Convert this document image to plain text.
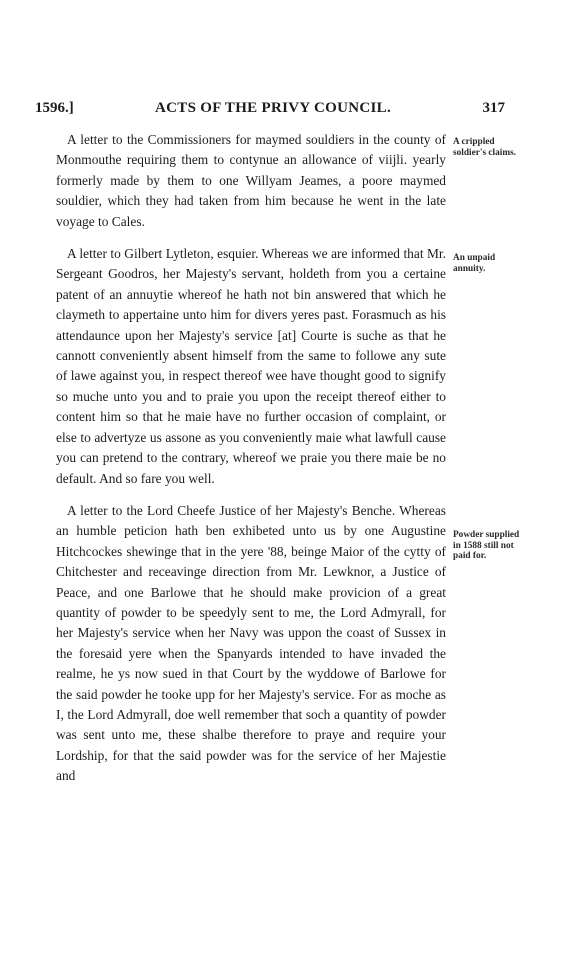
1596.]	ACTS OF THE PRIVY COUNCIL.	317

A letter to the Commissioners for maymed souldiers in the county of Monmouthe requiring them to contynue an allowance of viijli. yearly formerly made by them to one Willyam Jeames, a poore maymed souldier, which they had taken from him because he went in the late voyage to Cales.

A letter to Gilbert Lytleton, esquier. Whereas we are informed that Mr. Sergeant Goodros, her Majesty's servant, holdeth from you a certaine patent of an annuytie whereof he hath not bin answered that which he claymeth to appertaine unto him for divers yeres past. Forasmuch as his attendaunce upon her Majesty's service [at] Courte is suche as that he cannott conveniently absent himself from the same to followe any sute of lawe against you, in respect thereof wee have thought good to signify so muche unto you and to praie you upon the receipt thereof either to content him so that he maie have no further occasion of complaint, or else to advertyze us assone as you conveniently maie what lawfull cause you can pretend to the contrary, whereof we praie you there maie be no default. And so fare you well.

A letter to the Lord Cheefe Justice of her Majesty's Benche. Whereas an humble peticion hath ben exhibeted unto us by one Augustine Hitchcockes shewinge that in the yere '88, beinge Maior of the cytty of Chitchester and receavinge direction from Mr. Lewknor, a Justice of Peace, and one Barlowe that he should make provicion of a great quantity of powder to be speedyly sent to me, the Lord Admyrall, for her Majesty's service when her Navy was uppon the coast of Sussex in the foresaid yere when the Spanyards intended to have invaded the realme, he ys now sued in that Court by the wyddowe of Barlowe for the said powder he tooke upp for her Majesty's service. For as moche as I, the Lord Admyrall, doe well remember that soch a quantity of powder was sent unto me, these shalbe therefore to praye and require your Lordship, for that the said powder was for the service of her Majestie and

A crippled soldier's claims.
An unpaid annuity.
Powder supplied in 1588 still not paid for.
